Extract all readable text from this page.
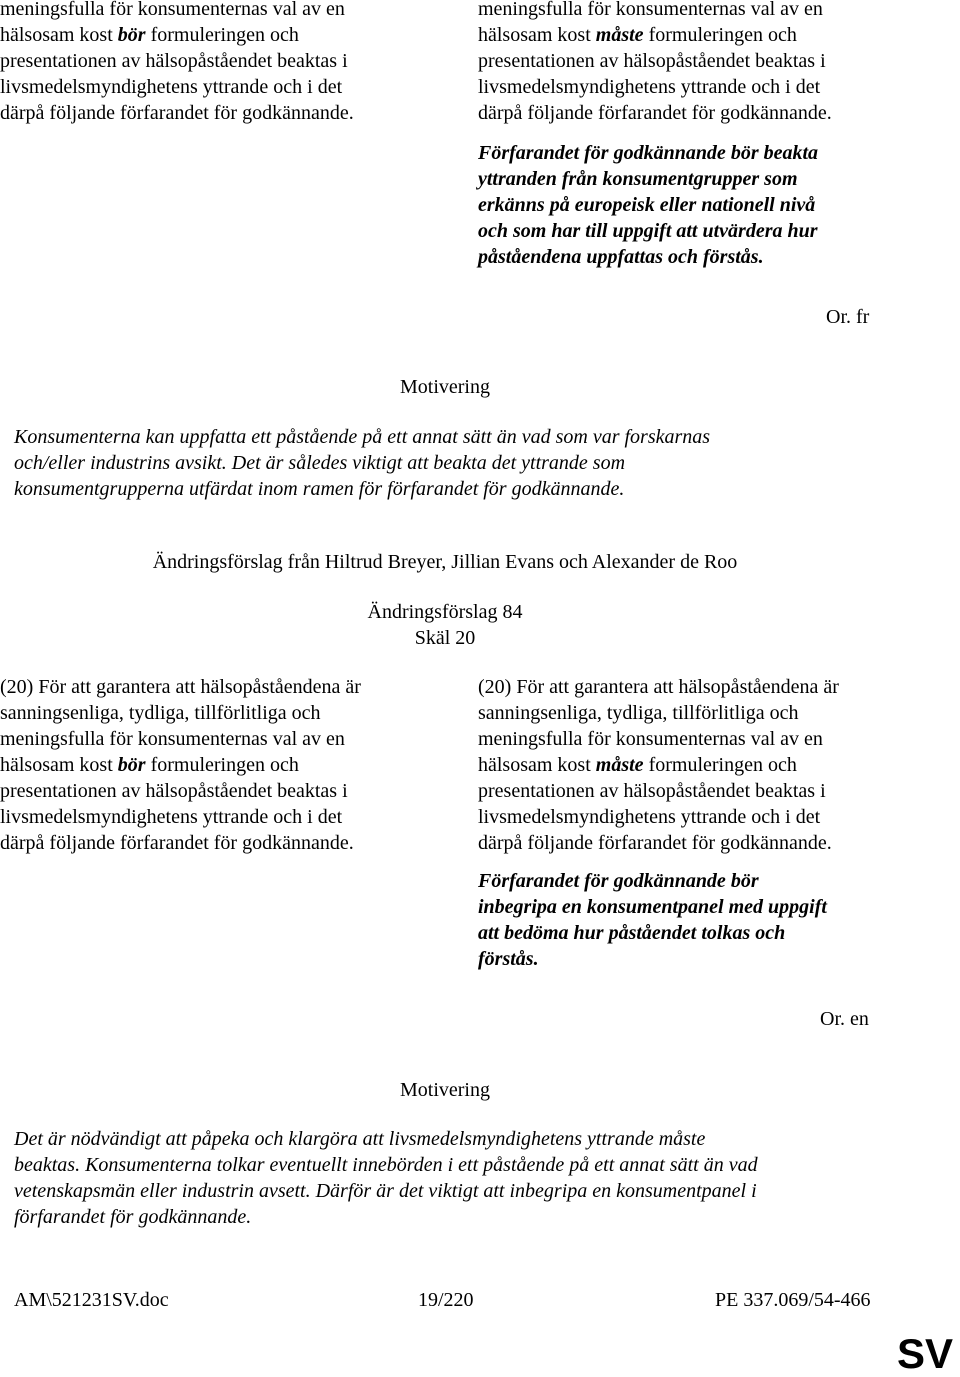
meningsfulla för konsumenternas val av en
hälsosam kost bör formuleringen och
presentationen av hälsopåståendet beaktas i
livsmedelsmyndighetens yttrande och i det
därpå följande förfarandet för godkännande.
meningsfulla för konsumenternas val av en
hälsosam kost måste formuleringen och
presentationen av hälsopåståendet beaktas i
livsmedelsmyndighetens yttrande och i det
därpå följande förfarandet för godkännande.
Förfarandet för godkännande bör beakta
yttranden från konsumentgrupper som
erkänns på europeisk eller nationell nivå
och som har till uppgift att utvärdera hur
påståendena uppfattas och förstås.
Or. fr
Motivering
Konsumenterna kan uppfatta ett påstående på ett annat sätt än vad som var forskarnas
och/eller industrins avsikt. Det är således viktigt att beakta det yttrande som
konsumentgrupperna utfärdat inom ramen för förfarandet för godkännande.
Ändringsförslag från Hiltrud Breyer, Jillian Evans och Alexander de Roo
Ändringsförslag 84
Skäl 20
(20) För att garantera att hälsopåståendena är
sanningsenliga, tydliga, tillförlitliga och
meningsfulla för konsumenternas val av en
hälsosam kost bör formuleringen och
presentationen av hälsopåståendet beaktas i
livsmedelsmyndighetens yttrande och i det
därpå följande förfarandet för godkännande.
(20) För att garantera att hälsopåståendena är
sanningsenliga, tydliga, tillförlitliga och
meningsfulla för konsumenternas val av en
hälsosam kost måste formuleringen och
presentationen av hälsopåståendet beaktas i
livsmedelsmyndighetens yttrande och i det
därpå följande förfarandet för godkännande.
Förfarandet för godkännande bör
inbegripa en konsumentpanel med uppgift
att bedöma hur påståendet tolkas och
förstås.
Or. en
Motivering
Det är nödvändigt att påpeka och klargöra att livsmedelsmyndighetens yttrande måste
beaktas. Konsumenterna tolkar eventuellt innebörden i ett påstående på ett annat sätt än vad
vetenskapsmän eller industrin avsett. Därför är det viktigt att inbegripa en konsumentpanel i
förfarandet för godkännande.
AM\521231SV.doc	19/220	PE 337.069/54-466
SV
